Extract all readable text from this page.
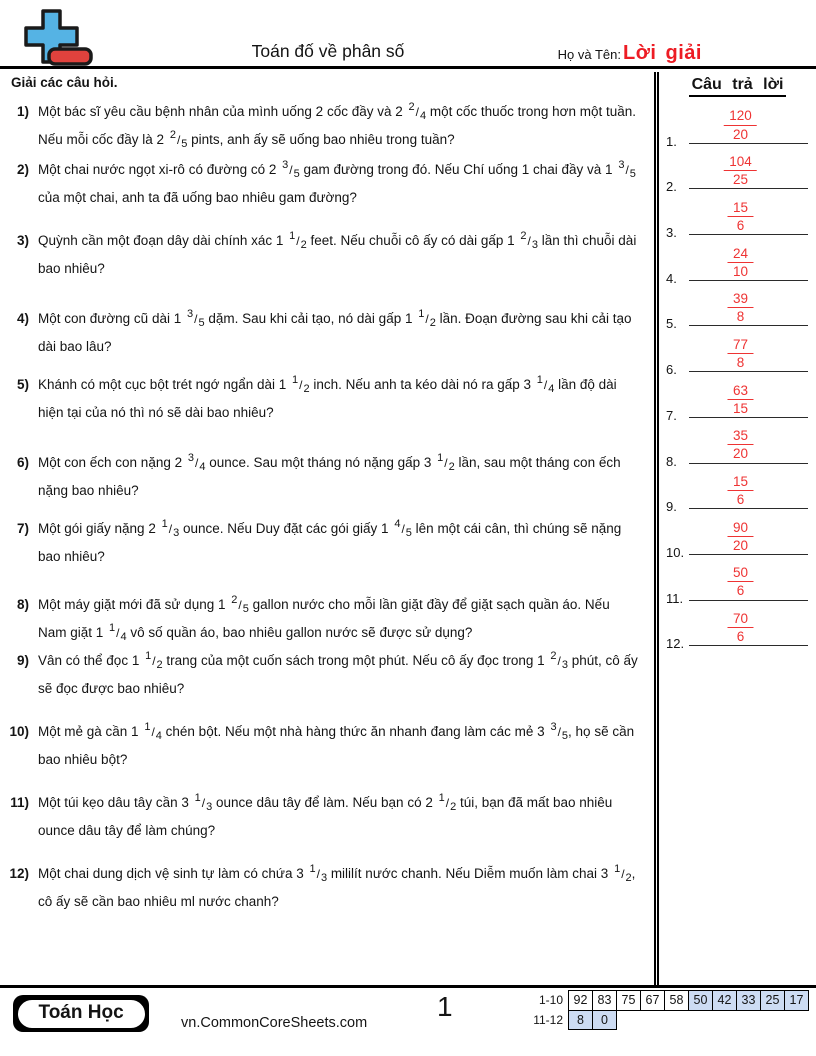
Toán đố về phân số	Họ và Tên: Lời giải
Giải các câu hỏi.
1) Một bác sĩ yêu cầu bệnh nhân của mình uống 2 cốc đầy và 2 $^2/_4$ một cốc thuốc trong hơn một tuần. Nếu mỗi cốc đầy là 2 $^2/_5$ pints, anh ấy sẽ uống bao nhiêu trong tuần?
2) Một chai nước ngọt xi-rô có đường có 2 $^3/_5$ gam đường trong đó. Nếu Chí uống 1 chai đầy và 1 $^3/_5$ của một chai, anh ta đã uống bao nhiêu gam đường?
3) Quỳnh cần một đoạn dây dài chính xác 1 $^1/_2$ feet. Nếu chuỗi cô ấy có dài gấp 1 $^2/_3$ lần thì chuỗi dài bao nhiêu?
4) Một con đường cũ dài 1 $^3/_5$ dặm. Sau khi cải tạo, nó dài gấp 1 $^1/_2$ lần. Đoạn đường sau khi cải tạo dài bao lâu?
5) Khánh có một cục bột trét ngớ ngẩn dài 1 $^1/_2$ inch. Nếu anh ta kéo dài nó ra gấp 3 $^1/_4$ lần độ dài hiện tại của nó thì nó sẽ dài bao nhiêu?
6) Một con ếch con nặng 2 $^3/_4$ ounce. Sau một tháng nó nặng gấp 3 $^1/_2$ lần, sau một tháng con ếch nặng bao nhiêu?
7) Một gói giấy nặng 2 $^1/_3$ ounce. Nếu Duy đặt các gói giấy 1 $^4/_5$ lên một cái cân, thì chúng sẽ nặng bao nhiêu?
8) Một máy giặt mới đã sử dụng 1 $^2/_5$ gallon nước cho mỗi lần giặt đầy để giặt sạch quần áo. Nếu Nam giặt 1 $^1/_4$ vô số quần áo, bao nhiêu gallon nước sẽ được sử dụng?
9) Vân có thể đọc 1 $^1/_2$ trang của một cuốn sách trong một phút. Nếu cô ấy đọc trong 1 $^2/_3$ phút, cô ấy sẽ đọc được bao nhiêu?
10) Một mẻ gà cần 1 $^1/_4$ chén bột. Nếu một nhà hàng thức ăn nhanh đang làm các mẻ 3 $^3/_5$, họ sẽ cần bao nhiêu bột?
11) Một túi kẹo dâu tây cần 3 $^1/_3$ ounce dâu tây để làm. Nếu bạn có 2 $^1/_2$ túi, bạn đã mất bao nhiêu ounce dâu tây để làm chúng?
12) Một chai dung dịch vệ sinh tự làm có chứa 3 $^1/_3$ mililít nước chanh. Nếu Diễm muốn làm chai 3 $^1/_2$, cô ấy sẽ cần bao nhiêu ml nước chanh?
Câu trả lời
1.	$\frac{120}{20}$
2.	$\frac{104}{25}$
3.	$\frac{15}{6}$
4.	$\frac{24}{10}$
5.	$\frac{39}{8}$
6.	$\frac{77}{8}$
7.	$\frac{63}{15}$
8.	$\frac{35}{20}$
9.	$\frac{15}{6}$
10.	$\frac{90}{20}$
11.	$\frac{50}{6}$
12.	$\frac{70}{6}$
Toán Học
vn.CommonCoreSheets.com
1	1-10	92	83	75	67	58	50	42	33	25	17
11-12	8	0								
